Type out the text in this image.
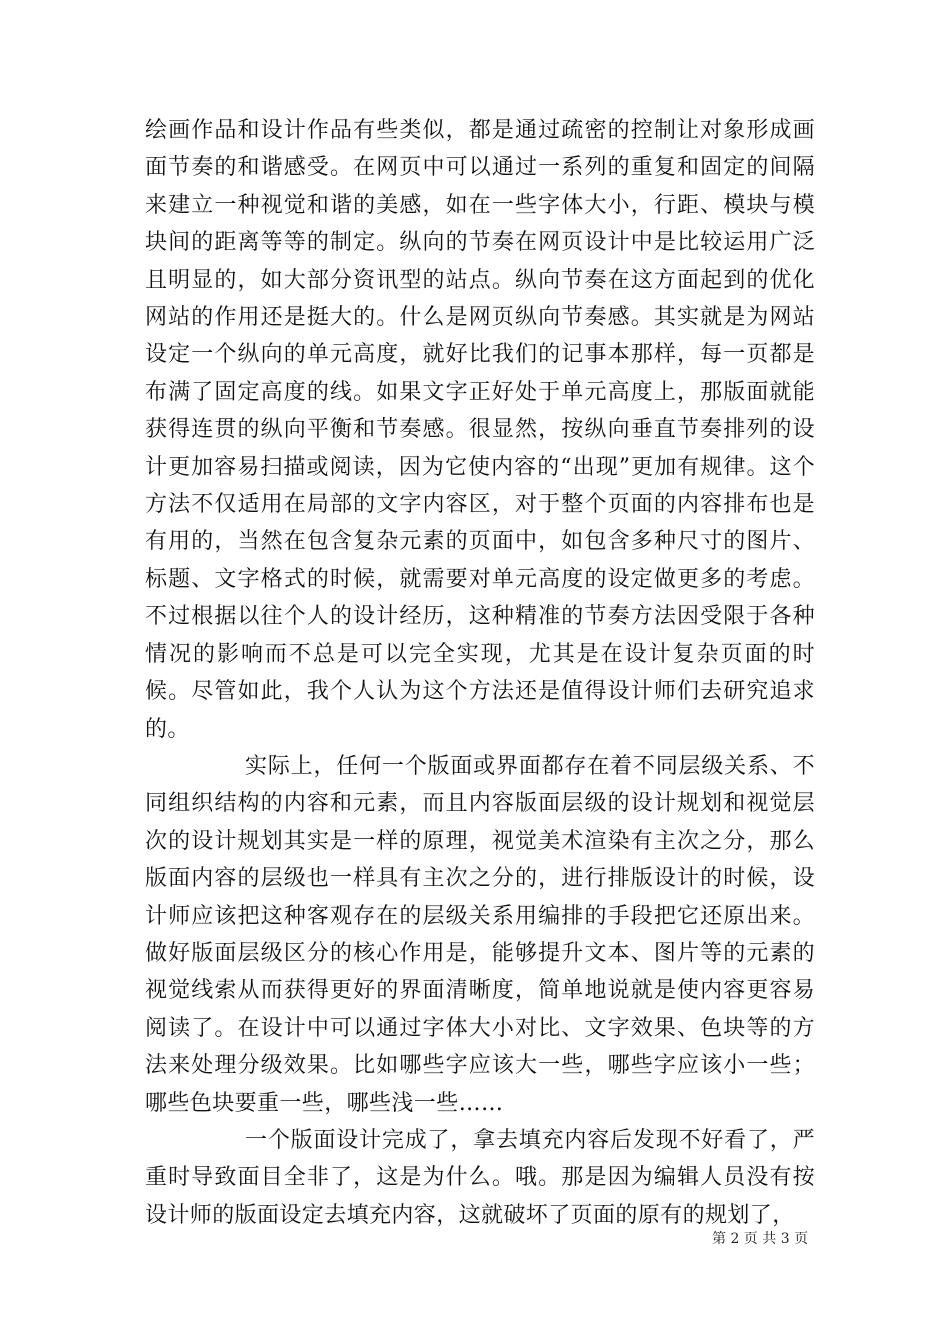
绘画作品和设计作品有些类似，都是通过疏密的控制让对象形成画面节奏的和谐感受。在网页中可以通过一系列的重复和固定的间隔来建立一种视觉和谐的美感，如在一些字体大小，行距、模块与模块间的距离等等的制定。纵向的节奏在网页设计中是比较运用广泛且明显的，如大部分资讯型的站点。纵向节奏在这方面起到的优化网站的作用还是挺大的。什么是网页纵向节奏感。其实就是为网站设定一个纵向的单元高度，就好比我们的记事本那样，每一页都是布满了固定高度的线。如果文字正好处于单元高度上，那版面就能获得连贯的纵向平衡和节奏感。很显然，按纵向垂直节奏排列的设计更加容易扫描或阅读，因为它使内容的“出现”更加有规律。这个方法不仅适用在局部的文字内容区，对于整个页面的内容排布也是有用的，当然在包含复杂元素的页面中，如包含多种尺寸的图片、标题、文字格式的时候，就需要对单元高度的设定做更多的考虑。不过根据以往个人的设计经历，这种精准的节奏方法因受限于各种情况的影响而不总是可以完全实现，尤其是在设计复杂页面的时候。尽管如此，我个人认为这个方法还是值得设计师们去研究追求的。

实际上，任何一个版面或界面都存在着不同层级关系、不同组织结构的内容和元素，而且内容版面层级的设计规划和视觉层次的设计规划其实是一样的原理，视觉美术渲染有主次之分，那么版面内容的层级也一样具有主次之分的，进行排版设计的时候，设计师应该把这种客观存在的层级关系用编排的手段把它还原出来。做好版面层级区分的核心作用是，能够提升文本、图片等的元素的视觉线索从而获得更好的界面清晰度，简单地说就是使内容更容易阅读了。在设计中可以通过字体大小对比、文字效果、色块等的方法来处理分级效果。比如哪些字应该大一些，哪些字应该小一些；哪些色块要重一些，哪些浅一些……

一个版面设计完成了，拿去填充内容后发现不好看了，严重时导致面目全非了，这是为什么。哦。那是因为编辑人员没有按设计师的版面设定去填充内容，这就破坏了页面的原有的规划了，

第 2 页 共 3 页
